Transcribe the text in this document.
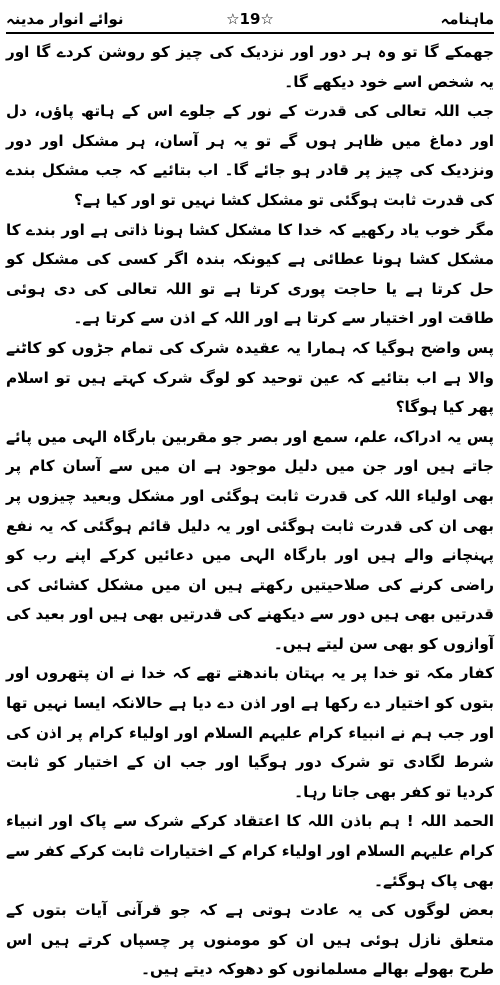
نوائے انوار مدینہ	☆19☆	ماہنامہ

جھمکے گا تو وہ ہر دور اور نزدیک کی چیز کو روشن کردے گا اور یہ شخص اسے خود دیکھے گا۔

جب اللہ تعالی کی قدرت کے نور کے جلوے اس کے ہاتھ پاؤں، دل اور دماغ میں ظاہر ہوں گے تو یہ ہر آسان، ہر مشکل اور دور ونزدیک کی چیز پر قادر ہو جائے گا۔ اب بتائیے کہ جب مشکل بندے کی قدرت ثابت ہوگئی تو مشکل کشا نہیں تو اور کیا ہے؟

مگر خوب یاد رکھیے کہ خدا کا مشکل کشا ہونا ذاتی ہے اور بندے کا مشکل کشا ہونا عطائی ہے کیونکہ بندہ اگر کسی کی مشکل کو حل کرتا ہے یا حاجت پوری کرتا ہے تو اللہ تعالی کی دی ہوئی طاقت اور اختیار سے کرتا ہے اور اللہ کے اذن سے کرتا ہے۔

پس واضح ہوگیا کہ ہمارا یہ عقیدہ شرک کی تمام جڑوں کو کاٹنے والا ہے اب بتائیے کہ عین توحید کو لوگ شرک کہتے ہیں تو اسلام پھر کیا ہوگا؟

پس یہ ادراک، علم، سمع اور بصر جو مقربین بارگاہ الہی میں پائے جاتے ہیں اور جن میں دلیل موجود ہے ان میں سے آسان کام پر بھی اولیاء اللہ کی قدرت ثابت ہوگئی اور مشکل وبعید چیزوں پر بھی ان کی قدرت ثابت ہوگئی اور یہ دلیل قائم ہوگئی کہ یہ نفع پہنچانے والے ہیں اور بارگاہ الہی میں دعائیں کرکے اپنے رب کو راضی کرنے کی صلاحیتیں رکھتے ہیں ان میں مشکل کشائی کی قدرتیں بھی ہیں دور سے دیکھنے کی قدرتیں بھی ہیں اور بعید کی آوازوں کو بھی سن لیتے ہیں۔

کفار مکہ تو خدا پر یہ بہتان باندھتے تھے کہ خدا نے ان پتھروں اور بتوں کو اختیار دے رکھا ہے اور اذن دے دیا ہے حالانکہ ایسا نہیں تھا اور جب ہم نے انبیاء کرام علیہم السلام اور اولیاء کرام پر اذن کی شرط لگادی تو شرک دور ہوگیا اور جب ان کے اختیار کو ثابت کردیا تو کفر بھی جاتا رہا۔

الحمد اللہ ! ہم باذن اللہ کا اعتقاد کرکے شرک سے پاک اور انبیاء کرام علیہم السلام اور اولیاء کرام کے اختیارات ثابت کرکے کفر سے بھی پاک ہوگئے۔

بعض لوگوں کی یہ عادت ہوتی ہے کہ جو قرآنی آیات بتوں کے متعلق نازل ہوئی ہیں ان کو مومنوں پر چسپاں کرتے ہیں اس طرح بھولے بھالے مسلمانوں کو دھوکہ دیتے ہیں۔
